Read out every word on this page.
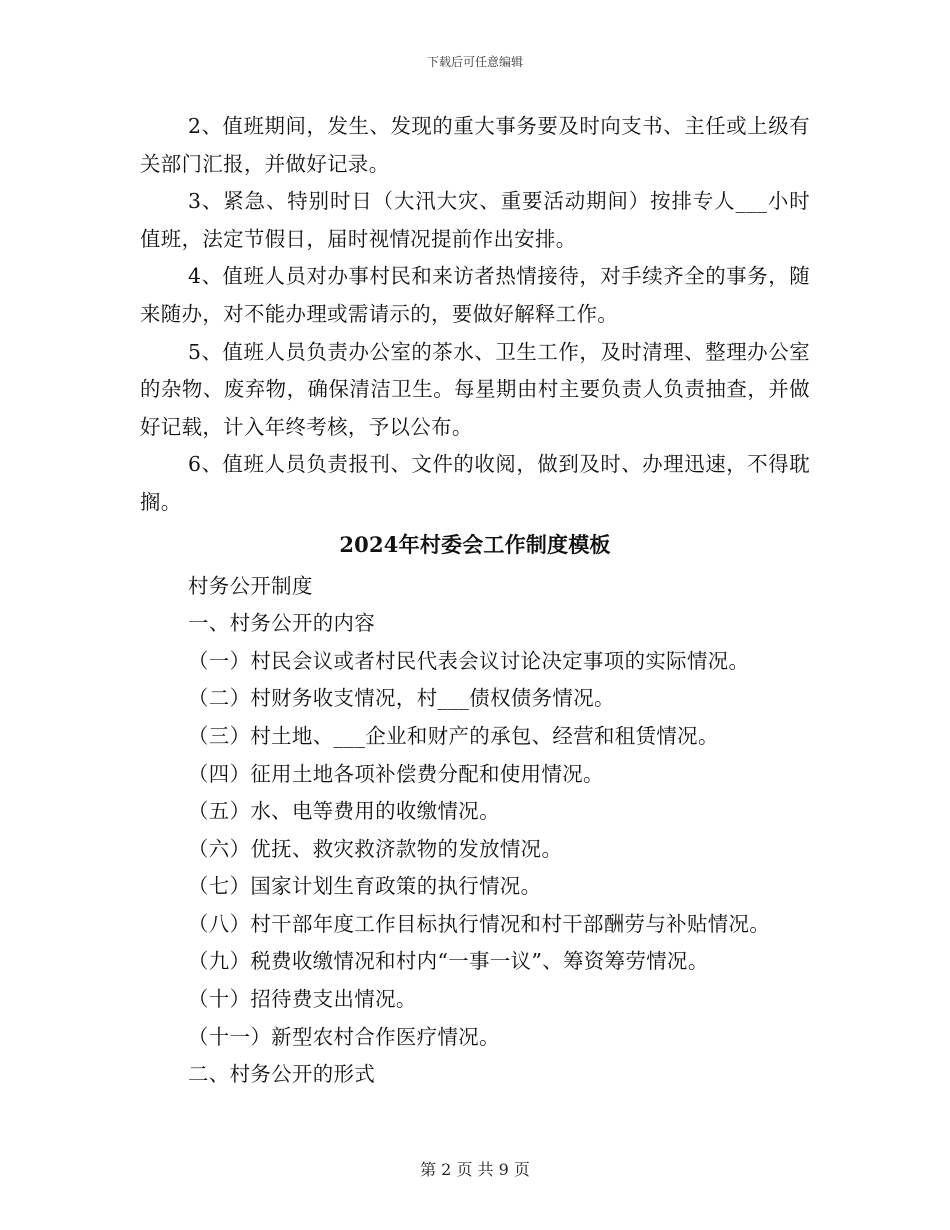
下载后可任意编辑

2、值班期间，发生、发现的重大事务要及时向支书、主任或上级有关部门汇报，并做好记录。

3、紧急、特别时日（大汛大灾、重要活动期间）按排专人___小时值班，法定节假日，届时视情况提前作出安排。

4、值班人员对办事村民和来访者热情接待，对手续齐全的事务，随来随办，对不能办理或需请示的，要做好解释工作。

5、值班人员负责办公室的茶水、卫生工作，及时清理、整理办公室的杂物、废弃物，确保清洁卫生。每星期由村主要负责人负责抽查，并做好记载，计入年终考核，予以公布。

6、值班人员负责报刊、文件的收阅，做到及时、办理迅速，不得耽搁。

2024年村委会工作制度模板

村务公开制度

一、村务公开的内容

（一）村民会议或者村民代表会议讨论决定事项的实际情况。

（二）村财务收支情况，村___债权债务情况。

（三）村土地、___企业和财产的承包、经营和租赁情况。

（四）征用土地各项补偿费分配和使用情况。

（五）水、电等费用的收缴情况。

（六）优抚、救灾救济款物的发放情况。

（七）国家计划生育政策的执行情况。

（八）村干部年度工作目标执行情况和村干部酬劳与补贴情况。

（九）税费收缴情况和村内“一事一议”、筹资筹劳情况。

（十）招待费支出情况。

（十一）新型农村合作医疗情况。

二、村务公开的形式

第 2 页 共 9 页
